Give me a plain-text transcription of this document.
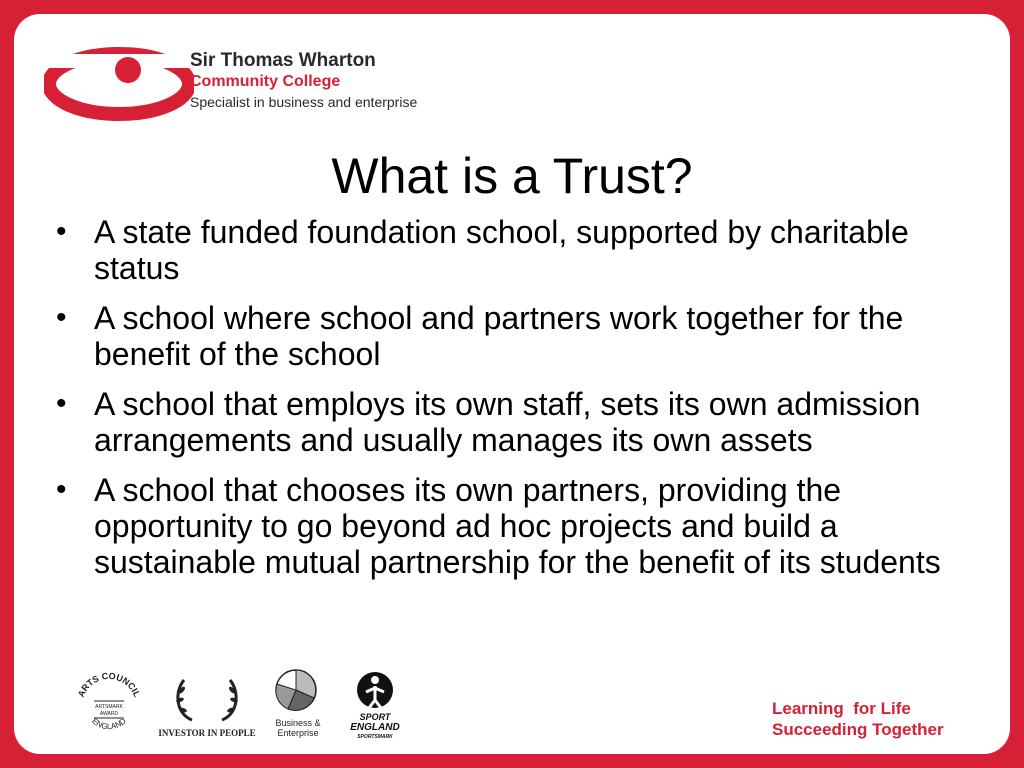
Sir Thomas Wharton
Community College
Specialist in business and enterprise
What is a Trust?
• A state funded foundation school, supported by charitable status
• A school where school and partners work together for the benefit of the school
• A school that employs its own staff, sets its own admission arrangements and usually manages its own assets
• A school that chooses its own partners, providing the opportunity to go beyond ad hoc projects and build a sustainable mutual partnership for the benefit of its students
ARTS COUNCIL
ENGLAND
ARTSMARK
AWARD
INVESTOR IN PEOPLE
Business &
Enterprise
SPORT
ENGLAND
SPORTSMARK
Learning  for Life
Succeeding Together
